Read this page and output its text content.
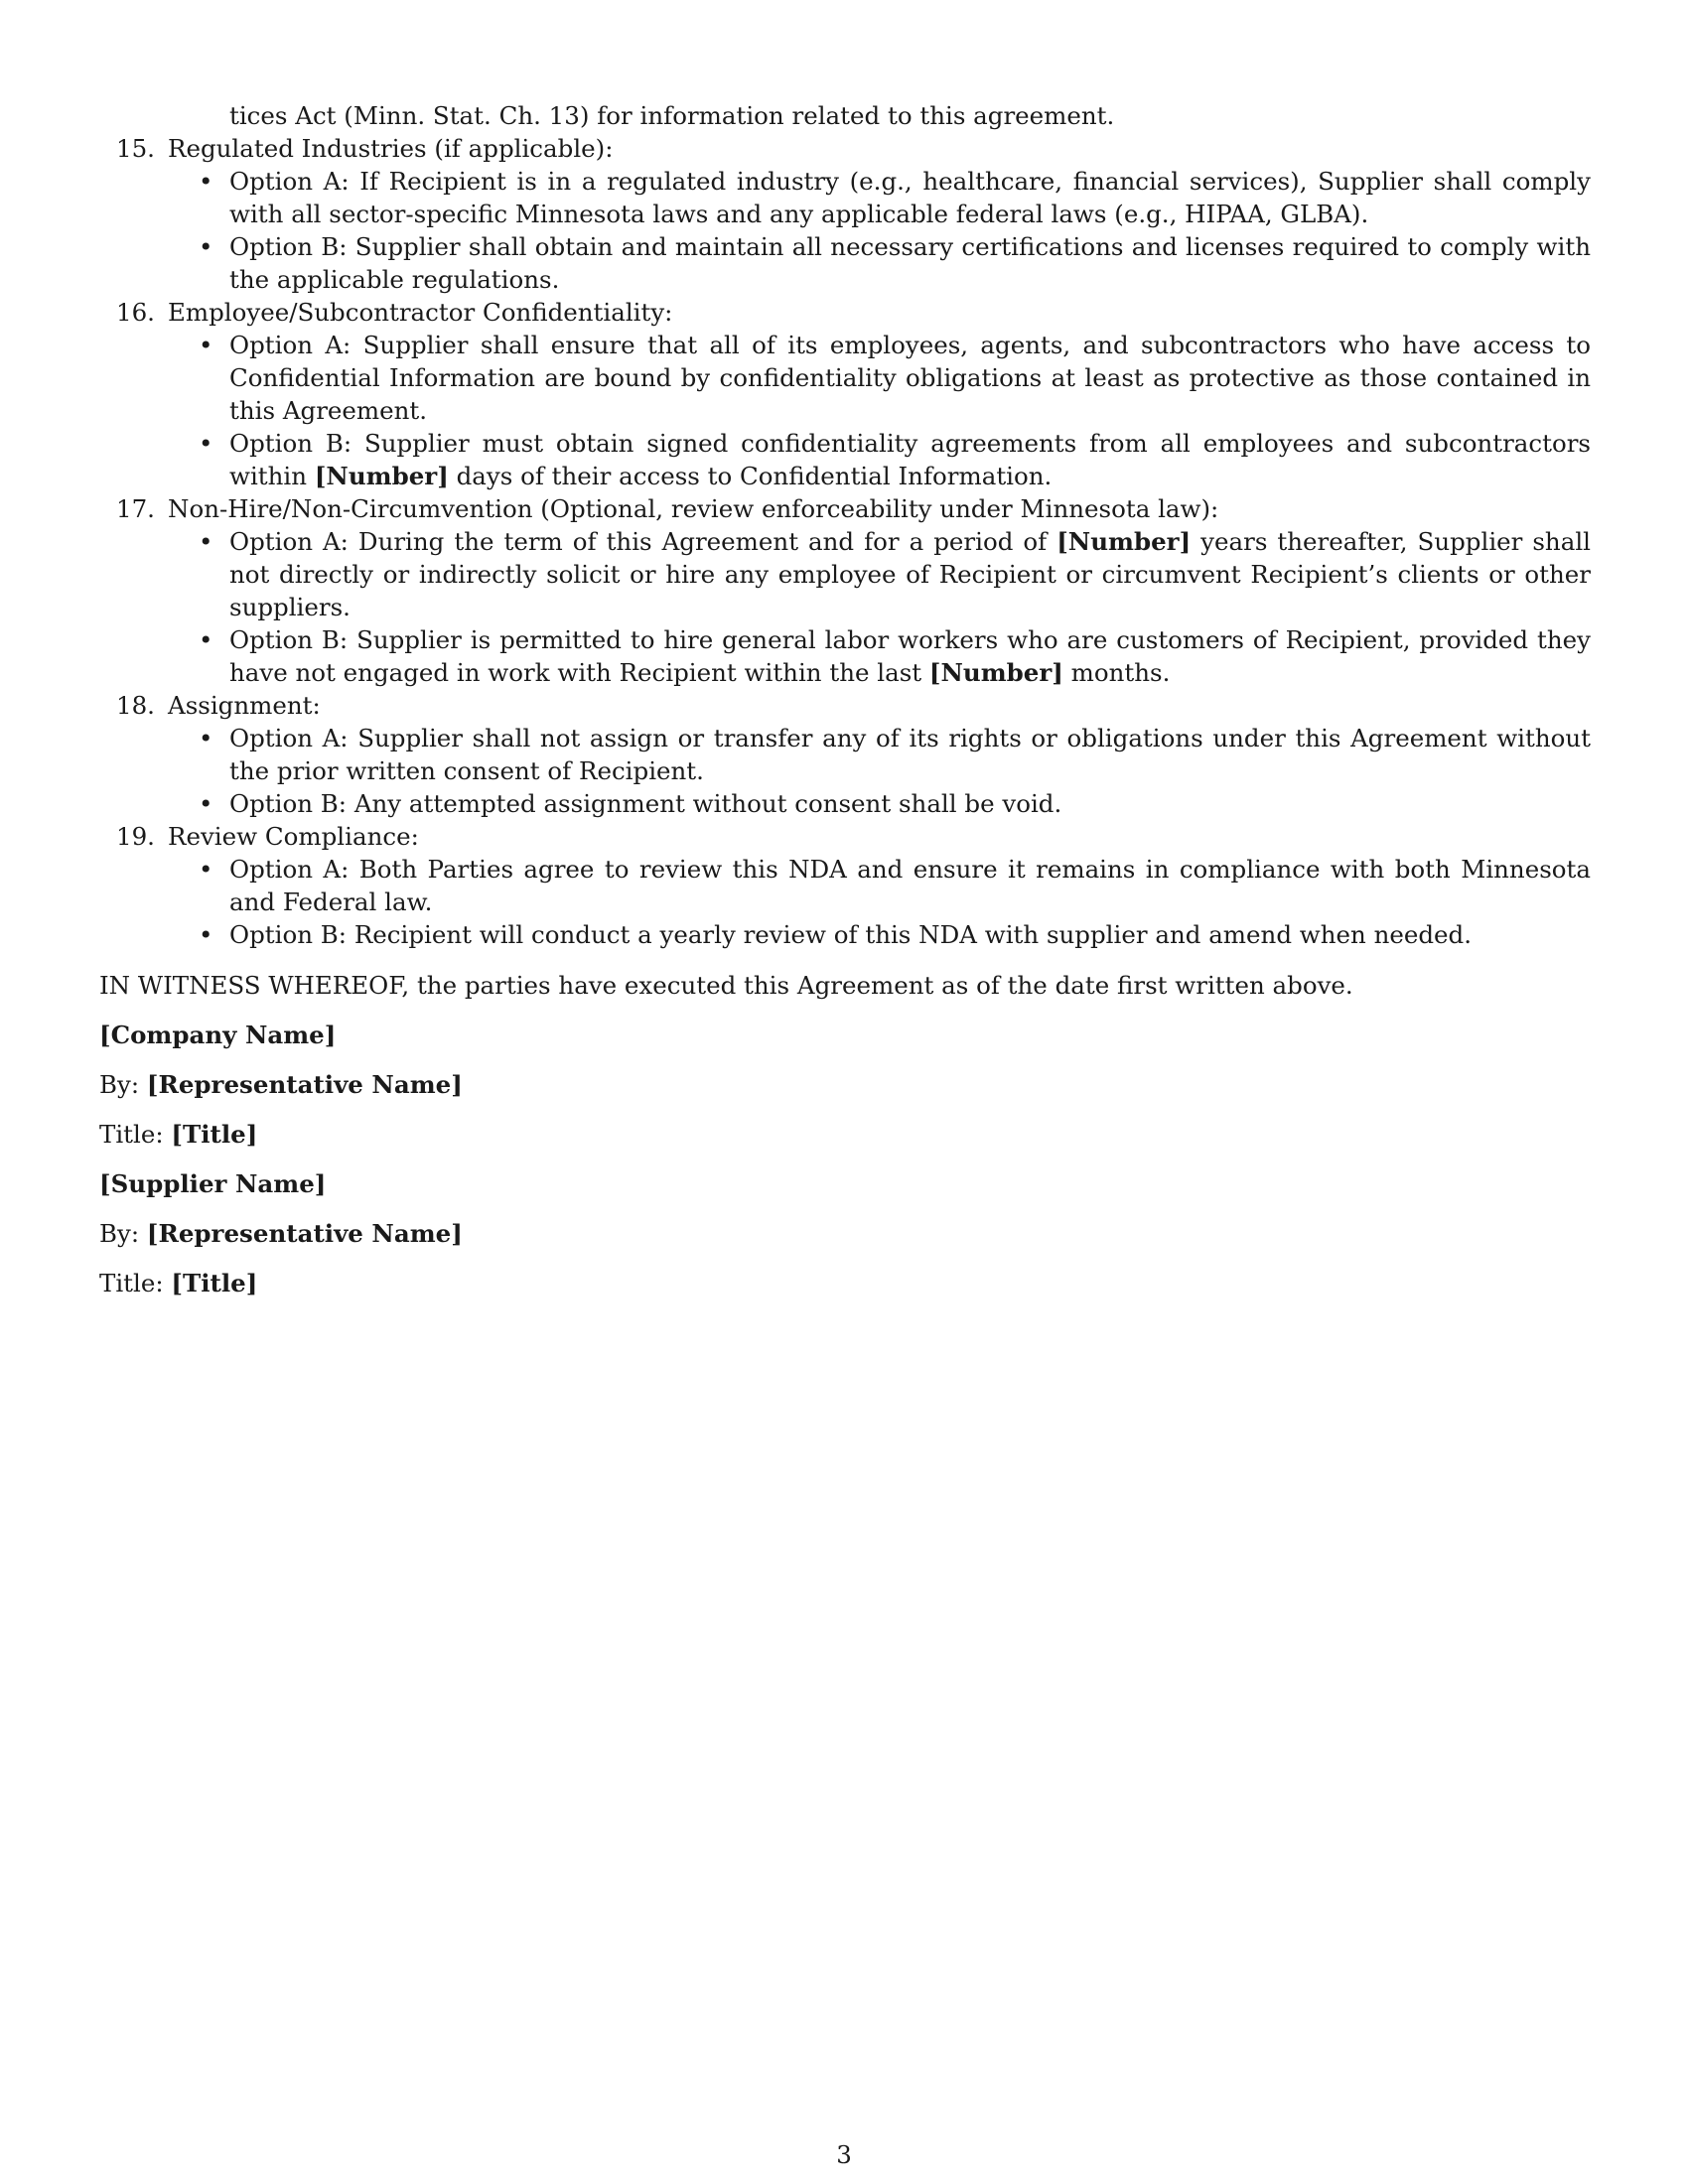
tices Act (Minn. Stat. Ch. 13) for information related to this agreement.

15. Regulated Industries (if applicable):
• Option A: If Recipient is in a regulated industry (e.g., healthcare, financial services), Supplier shall comply with all sector-specific Minnesota laws and any applicable federal laws (e.g., HIPAA, GLBA).
• Option B: Supplier shall obtain and maintain all necessary certifications and licenses required to comply with the applicable regulations.
16. Employee/Subcontractor Confidentiality:
• Option A: Supplier shall ensure that all of its employees, agents, and subcontractors who have access to Confidential Information are bound by confidentiality obligations at least as protective as those contained in this Agreement.
• Option B: Supplier must obtain signed confidentiality agreements from all employees and subcontractors within [Number] days of their access to Confidential Information.
17. Non-Hire/Non-Circumvention (Optional, review enforceability under Minnesota law):
• Option A: During the term of this Agreement and for a period of [Number] years thereafter, Supplier shall not directly or indirectly solicit or hire any employee of Recipient or circumvent Recipient’s clients or other suppliers.
• Option B: Supplier is permitted to hire general labor workers who are customers of Recipient, provided they have not engaged in work with Recipient within the last [Number] months.
18. Assignment:
• Option A: Supplier shall not assign or transfer any of its rights or obligations under this Agreement without the prior written consent of Recipient.
• Option B: Any attempted assignment without consent shall be void.
19. Review Compliance:
• Option A: Both Parties agree to review this NDA and ensure it remains in compliance with both Minnesota and Federal law.
• Option B: Recipient will conduct a yearly review of this NDA with supplier and amend when needed.

IN WITNESS WHEREOF, the parties have executed this Agreement as of the date first written above.

[Company Name]

By: [Representative Name]

Title: [Title]

[Supplier Name]

By: [Representative Name]

Title: [Title]

3
